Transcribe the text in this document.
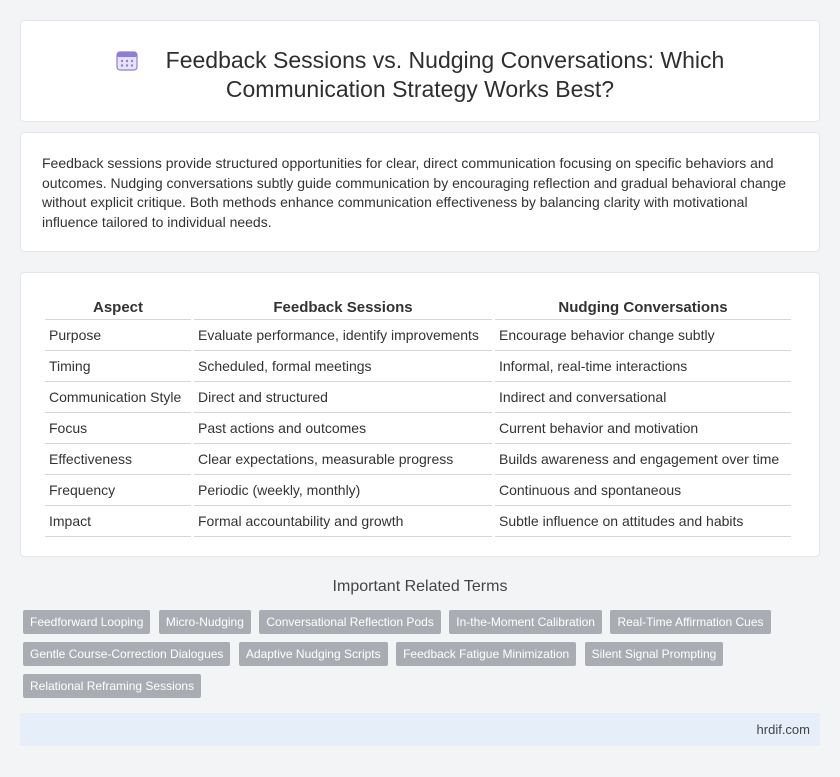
Feedback Sessions vs. Nudging Conversations: Which
Communication Strategy Works Best?

Feedback sessions provide structured opportunities for clear, direct communication focusing on specific behaviors and outcomes. Nudging conversations subtly guide communication by encouraging reflection and gradual behavioral change without explicit critique. Both methods enhance communication effectiveness by balancing clarity with motivational influence tailored to individual needs.

Aspect	Feedback Sessions	Nudging Conversations
Purpose	Evaluate performance, identify improvements	Encourage behavior change subtly
Timing	Scheduled, formal meetings	Informal, real-time interactions
Communication Style	Direct and structured	Indirect and conversational
Focus	Past actions and outcomes	Current behavior and motivation
Effectiveness	Clear expectations, measurable progress	Builds awareness and engagement over time
Frequency	Periodic (weekly, monthly)	Continuous and spontaneous
Impact	Formal accountability and growth	Subtle influence on attitudes and habits
Important Related Terms
Feedforward Looping Micro-Nudging Conversational Reflection Pods In-the-Moment Calibration Real-Time Affirmation Cues Gentle Course-Correction Dialogues Adaptive Nudging Scripts Feedback Fatigue Minimization Silent Signal Prompting Relational Reframing Sessions
hrdif.com
